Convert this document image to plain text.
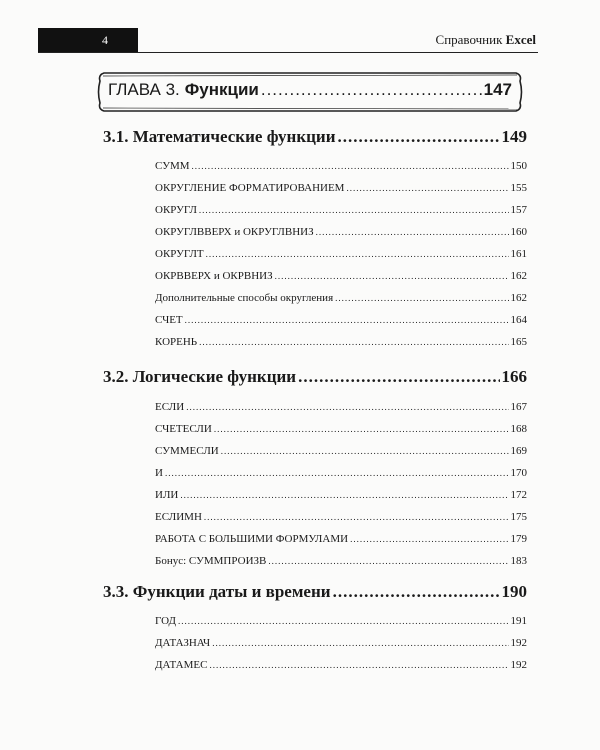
4	Справочник Excel
ГЛАВА 3. Функции .....	147
3.1. Математические функции .....	149
СУММ .....	150
ОКРУГЛЕНИЕ ФОРМАТИРОВАНИЕМ .....	155
ОКРУГЛ .....	157
ОКРУГЛВВЕРХ и ОКРУГЛВНИЗ .....	160
ОКРУГЛТ .....	161
ОКРВВЕРХ и ОКРВНИЗ .....	162
Дополнительные способы округления .....	162
СЧЕТ .....	164
КОРЕНЬ .....	165
3.2. Логические функции .....	166
ЕСЛИ .....	167
СЧЕТЕСЛИ .....	168
СУММЕСЛИ .....	169
И .....	170
ИЛИ .....	172
ЕСЛИМН .....	175
РАБОТА С БОЛЬШИМИ ФОРМУЛАМИ .....	179
Бонус: СУММПРОИЗВ .....	183
3.3. Функции даты и времени .....	190
ГОД .....	191
ДАТАЗНАЧ .....	192
ДАТАМЕС .....	192
